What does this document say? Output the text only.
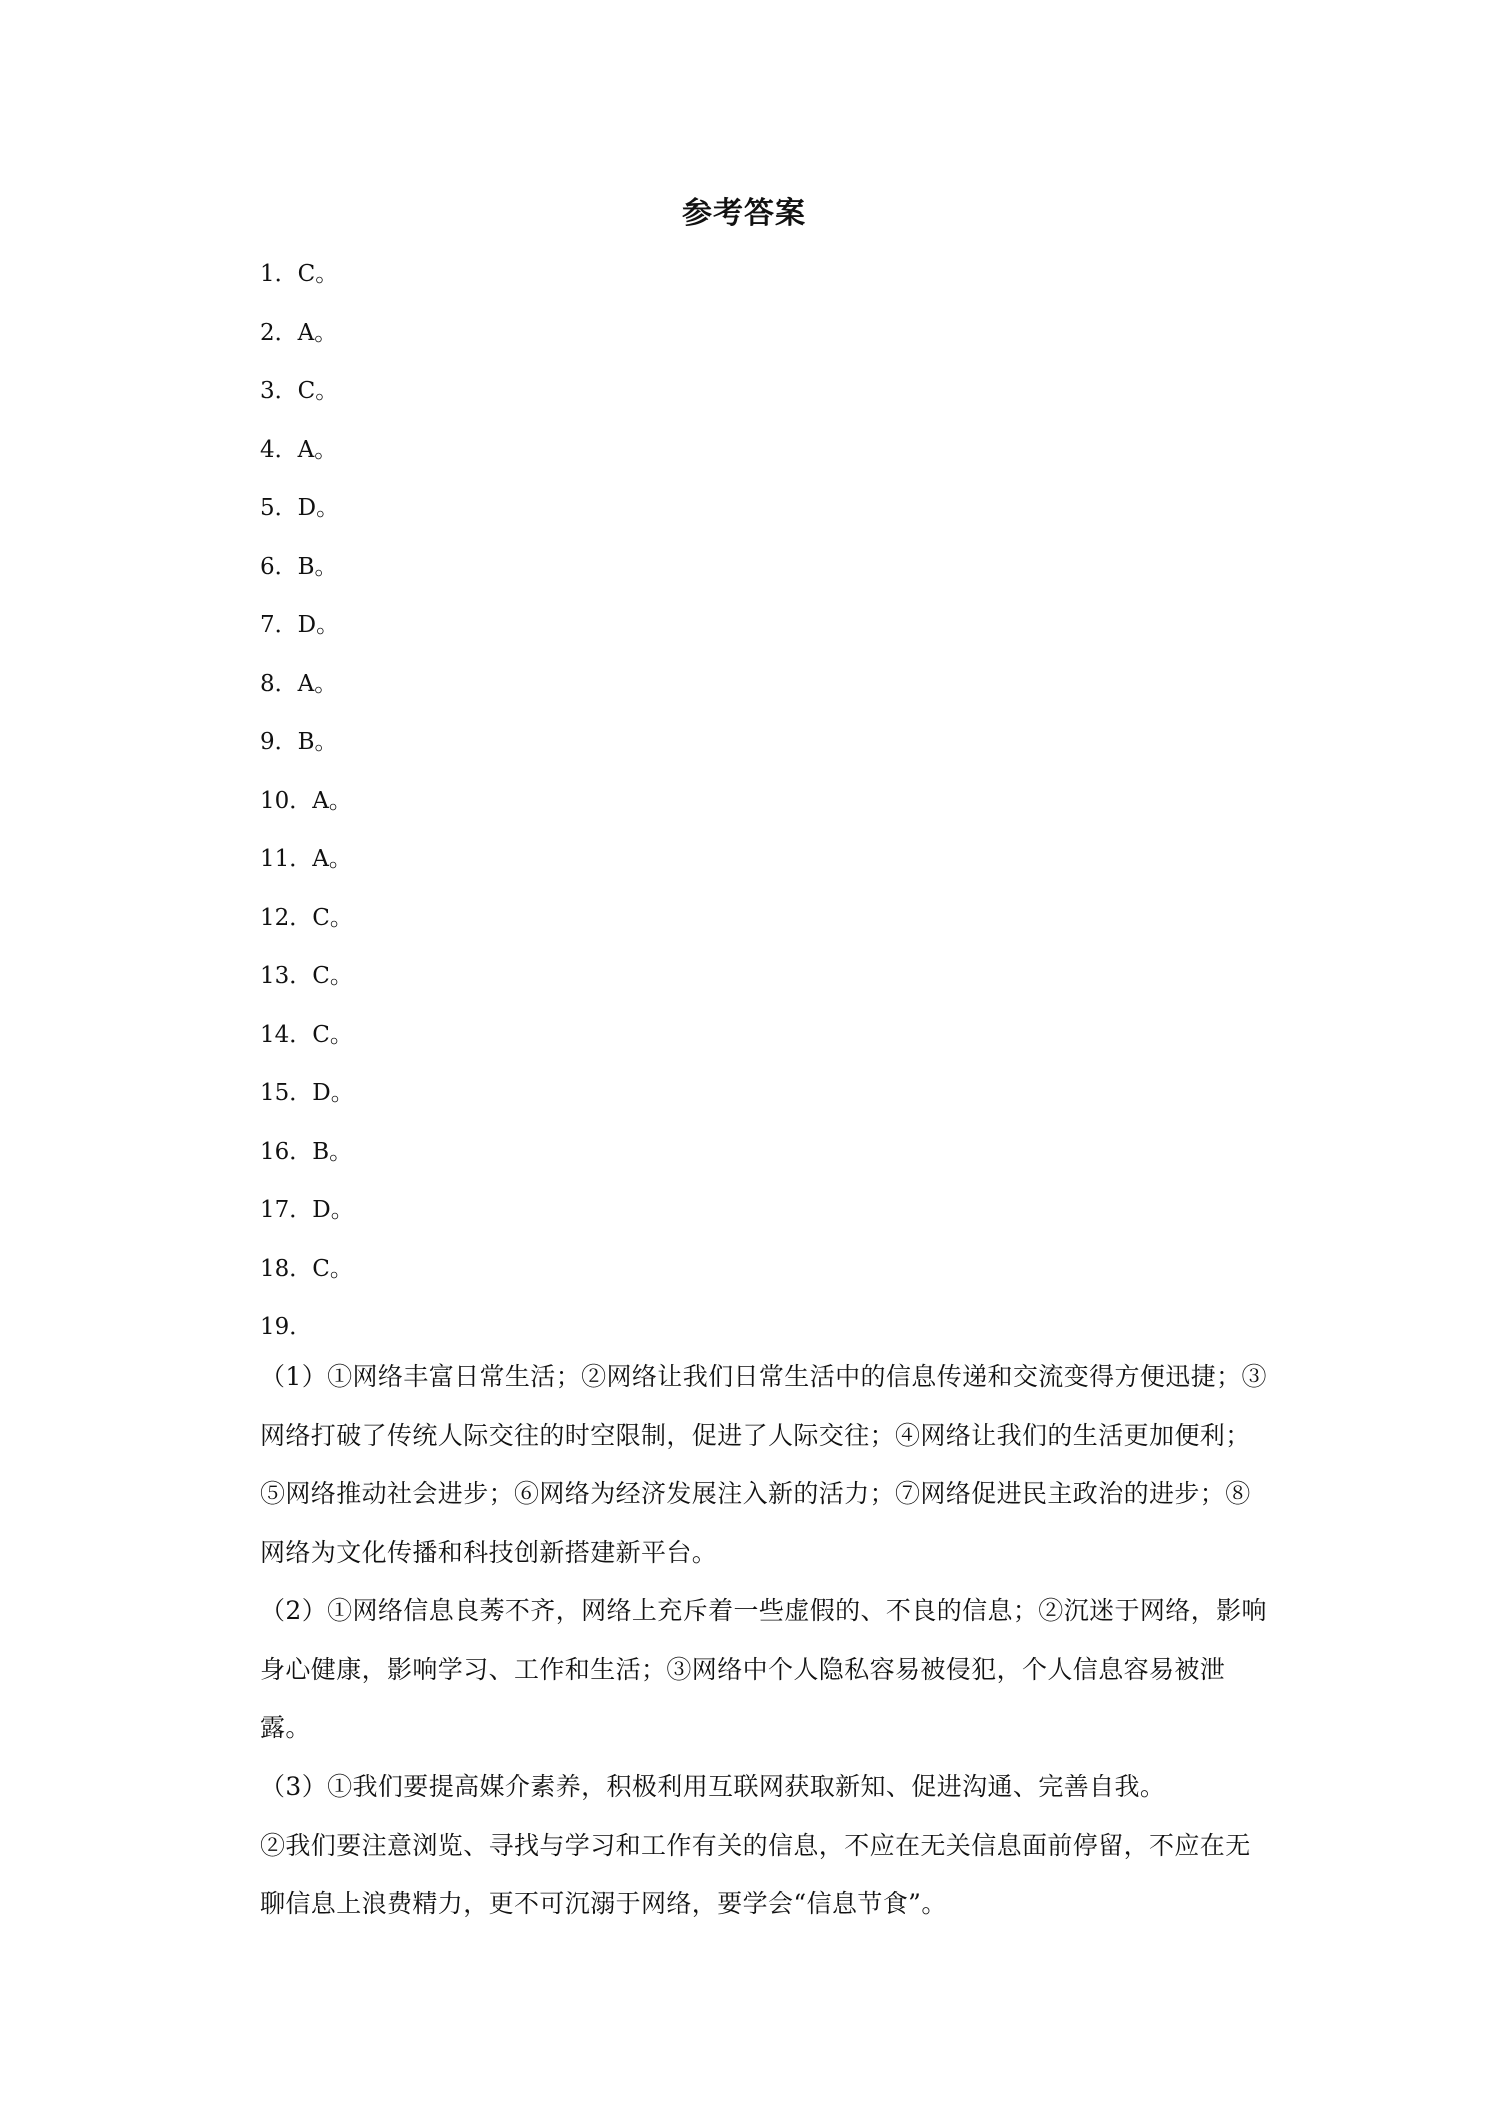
参考答案
1．C。
2．A。
3．C。
4．A。
5．D。
6．B。
7．D。
8．A。
9．B。
10．A。
11．A。
12．C。
13．C。
14．C。
15．D。
16．B。
17．D。
18．C。
19．

（1）①网络丰富日常生活；②网络让我们日常生活中的信息传递和交流变得方便迅捷；③网络打破了传统人际交往的时空限制，促进了人际交往；④网络让我们的生活更加便利；⑤网络推动社会进步；⑥网络为经济发展注入新的活力；⑦网络促进民主政治的进步；⑧网络为文化传播和科技创新搭建新平台。

（2）①网络信息良莠不齐，网络上充斥着一些虚假的、不良的信息；②沉迷于网络，影响身心健康，影响学习、工作和生活；③网络中个人隐私容易被侵犯，个人信息容易被泄露。

（3）①我们要提高媒介素养，积极利用互联网获取新知、促进沟通、完善自我。

②我们要注意浏览、寻找与学习和工作有关的信息，不应在无关信息面前停留，不应在无聊信息上浪费精力，更不可沉溺于网络，要学会“信息节食”。
